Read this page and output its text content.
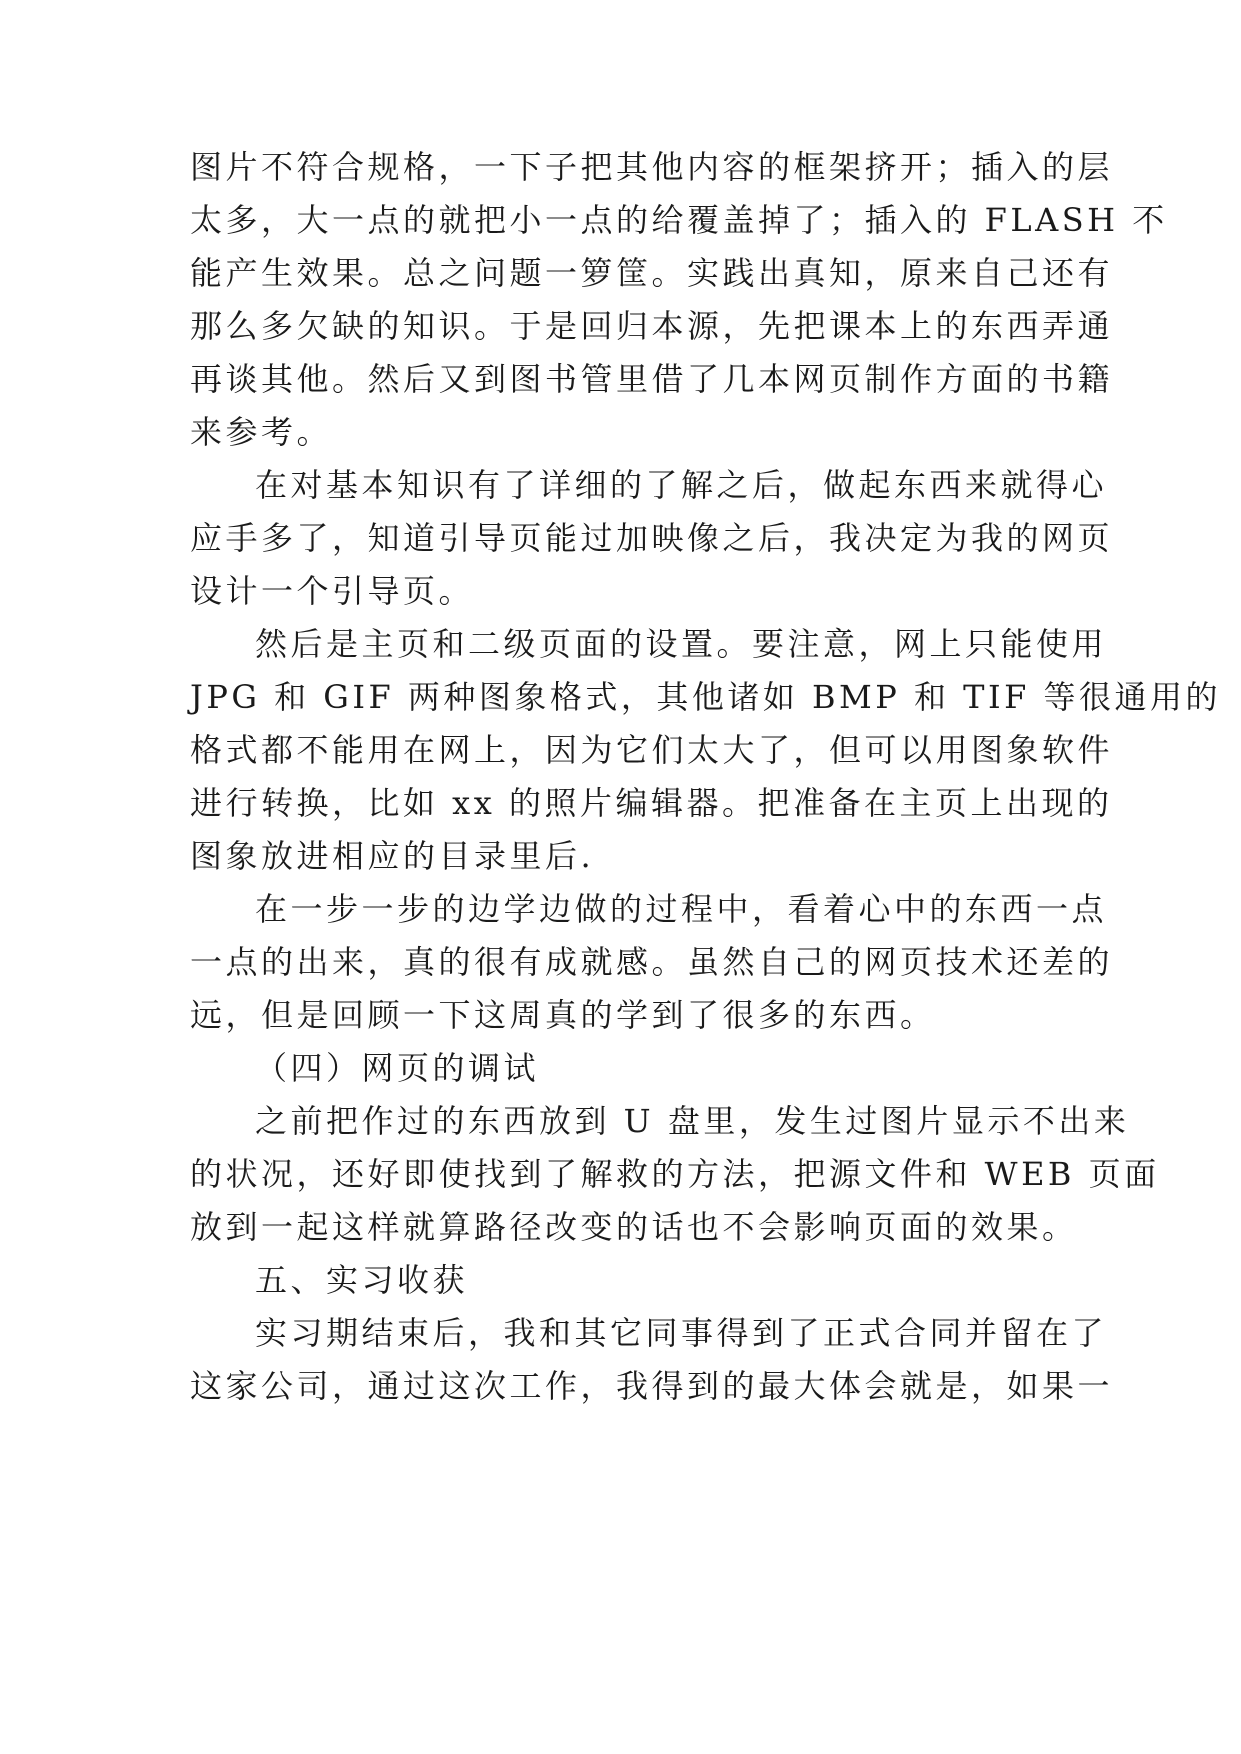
图片不符合规格，一下子把其他内容的框架挤开；插入的层
太多，大一点的就把小一点的给覆盖掉了；插入的 FLASH 不
能产生效果。总之问题一箩筐。实践出真知，原来自己还有
那么多欠缺的知识。于是回归本源，先把课本上的东西弄通
再谈其他。然后又到图书管里借了几本网页制作方面的书籍
来参考。
在对基本知识有了详细的了解之后，做起东西来就得心
应手多了，知道引导页能过加映像之后，我决定为我的网页
设计一个引导页。
然后是主页和二级页面的设置。要注意，网上只能使用
JPG 和 GIF 两种图象格式，其他诸如 BMP 和 TIF 等很通用的
格式都不能用在网上，因为它们太大了，但可以用图象软件
进行转换，比如 xx 的照片编辑器。把准备在主页上出现的
图象放进相应的目录里后.
在一步一步的边学边做的过程中，看着心中的东西一点
一点的出来，真的很有成就感。虽然自己的网页技术还差的
远，但是回顾一下这周真的学到了很多的东西。
（四）网页的调试
之前把作过的东西放到 U 盘里，发生过图片显示不出来
的状况，还好即使找到了解救的方法，把源文件和 WEB 页面
放到一起这样就算路径改变的话也不会影响页面的效果。
五、实习收获
实习期结束后，我和其它同事得到了正式合同并留在了
这家公司，通过这次工作，我得到的最大体会就是，如果一
